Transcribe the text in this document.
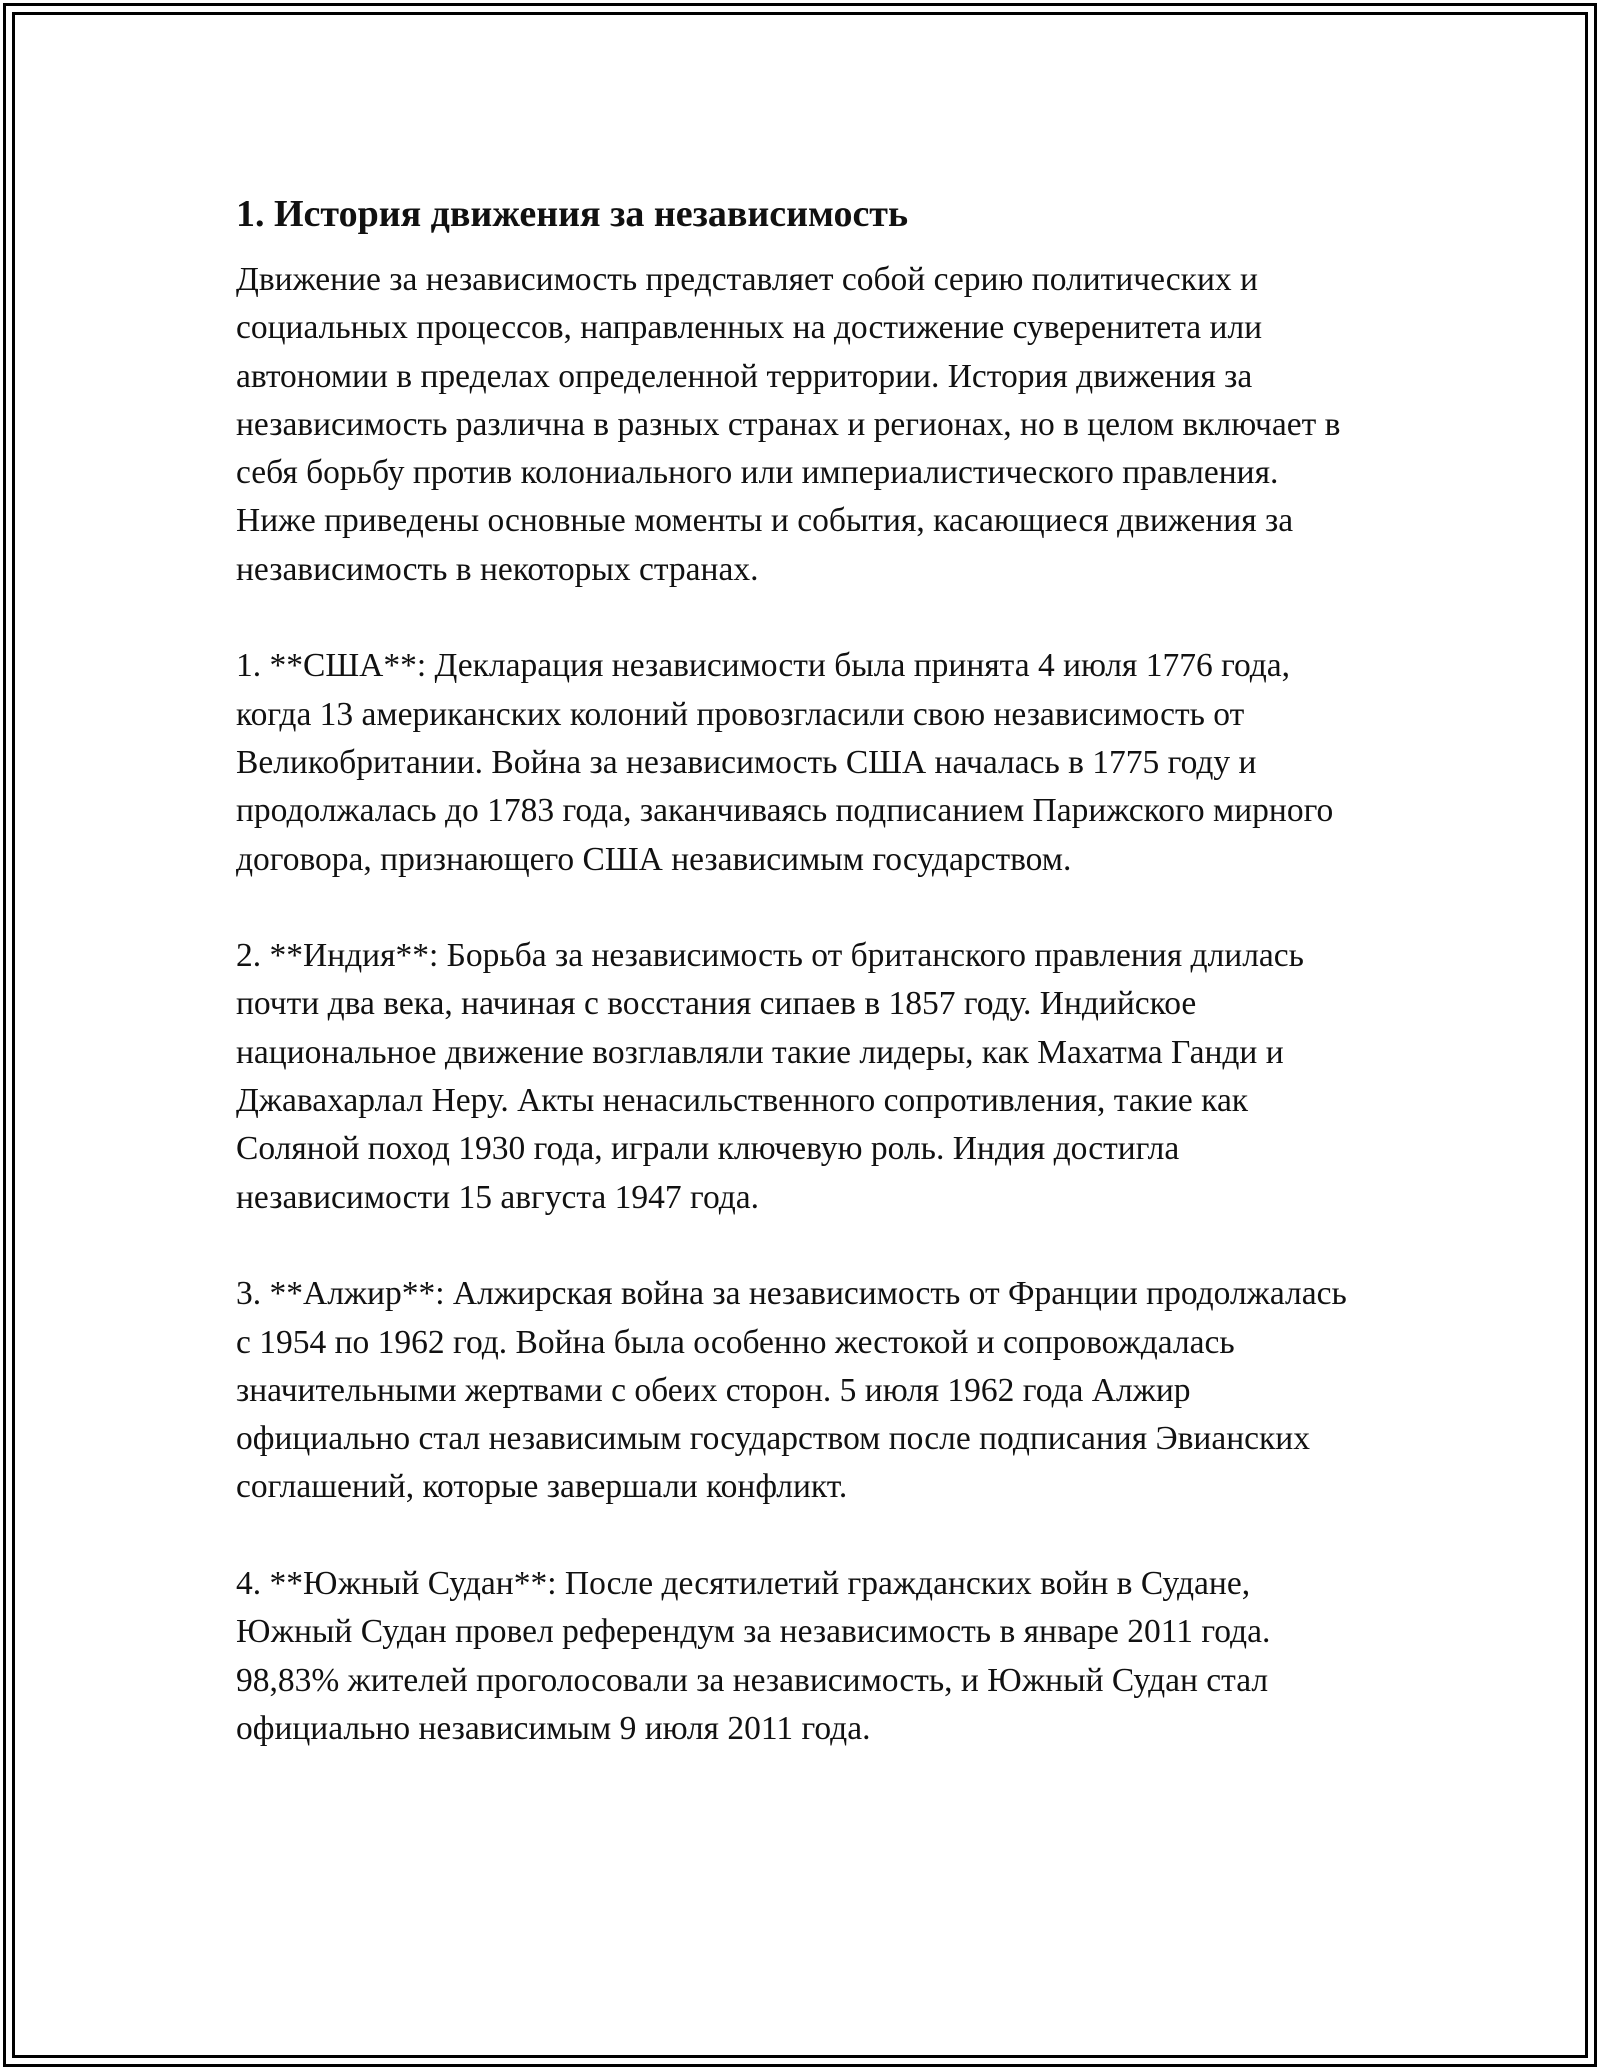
1. История движения за независимость

Движение за независимость представляет собой серию политических и социальных процессов, направленных на достижение суверенитета или автономии в пределах определенной территории. История движения за независимость различна в разных странах и регионах, но в целом включает в себя борьбу против колониального или империалистического правления. Ниже приведены основные моменты и события, касающиеся движения за независимость в некоторых странах.

1. **США**: Декларация независимости была принята 4 июля 1776 года, когда 13 американских колоний провозгласили свою независимость от Великобритании. Война за независимость США началась в 1775 году и продолжалась до 1783 года, заканчиваясь подписанием Парижского мирного договора, признающего США независимым государством.

2. **Индия**: Борьба за независимость от британского правления длилась почти два века, начиная с восстания сипаев в 1857 году. Индийское национальное движение возглавляли такие лидеры, как Махатма Ганди и Джавахарлал Неру. Акты ненасильственного сопротивления, такие как Соляной поход 1930 года, играли ключевую роль. Индия достигла независимости 15 августа 1947 года.

3. **Алжир**: Алжирская война за независимость от Франции продолжалась с 1954 по 1962 год. Война была особенно жестокой и сопровождалась значительными жертвами с обеих сторон. 5 июля 1962 года Алжир официально стал независимым государством после подписания Эвианских соглашений, которые завершали конфликт.

4. **Южный Судан**: После десятилетий гражданских войн в Судане, Южный Судан провел референдум за независимость в январе 2011 года. 98,83% жителей проголосовали за независимость, и Южный Судан стал официально независимым 9 июля 2011 года.
